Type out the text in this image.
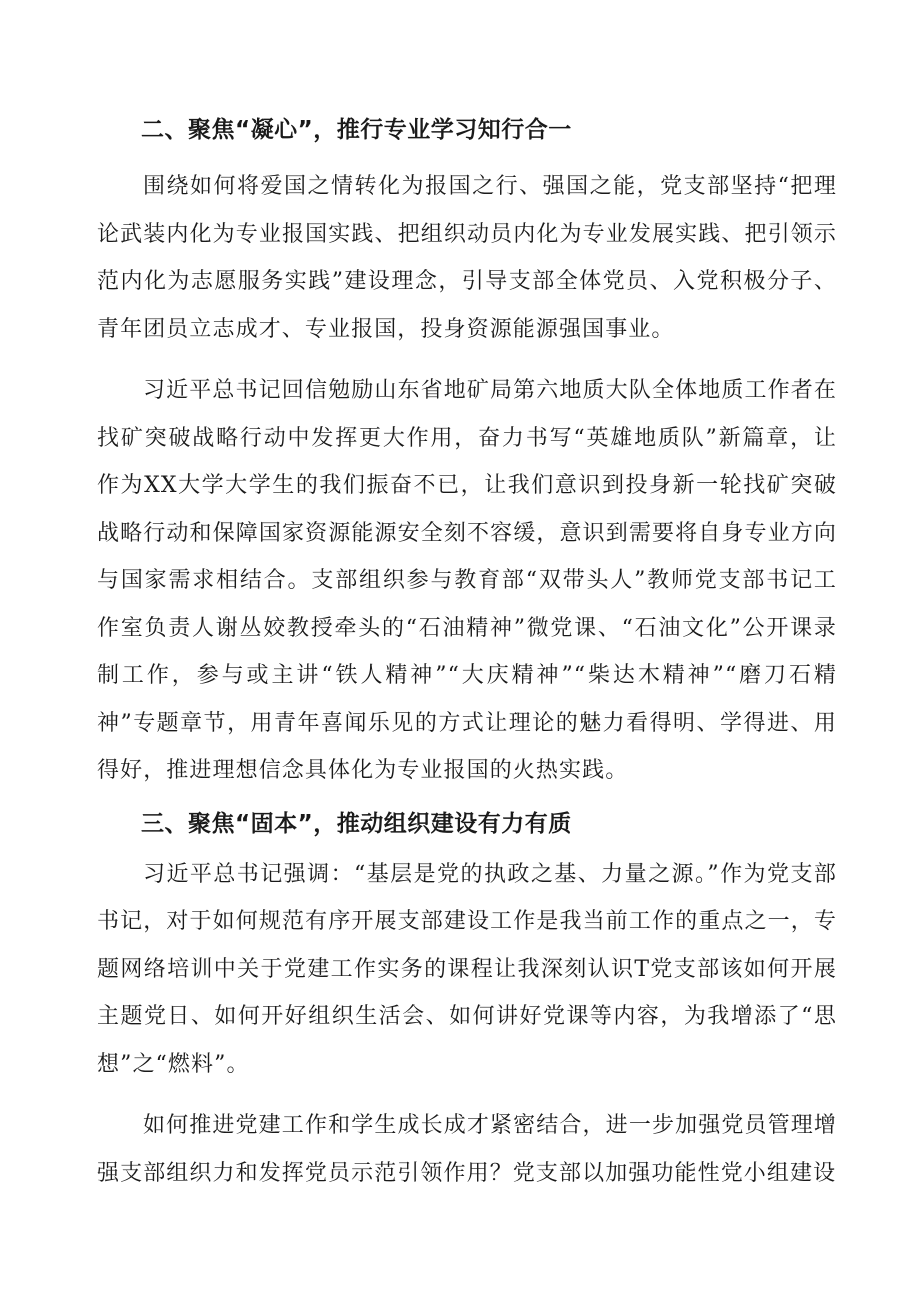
二、聚焦“凝心”，推行专业学习知行合一

围绕如何将爱国之情转化为报国之行、强国之能，党支部坚持“把理论武装内化为专业报国实践、把组织动员内化为专业发展实践、把引领示范内化为志愿服务实践”建设理念，引导支部全体党员、入党积极分子、青年团员立志成才、专业报国，投身资源能源强国事业。

习近平总书记回信勉励山东省地矿局第六地质大队全体地质工作者在找矿突破战略行动中发挥更大作用，奋力书写“英雄地质队”新篇章，让作为XX大学大学生的我们振奋不已，让我们意识到投身新一轮找矿突破战略行动和保障国家资源能源安全刻不容缓，意识到需要将自身专业方向与国家需求相结合。支部组织参与教育部“双带头人”教师党支部书记工作室负责人谢丛姣教授牵头的“石油精神”微党课、“石油文化”公开课录制工作，参与或主讲“铁人精神”“大庆精神”“柴达木精神”“磨刀石精神”专题章节，用青年喜闻乐见的方式让理论的魅力看得明、学得进、用得好，推进理想信念具体化为专业报国的火热实践。

三、聚焦“固本”，推动组织建设有力有质

习近平总书记强调：“基层是党的执政之基、力量之源。”作为党支部书记，对于如何规范有序开展支部建设工作是我当前工作的重点之一，专题网络培训中关于党建工作实务的课程让我深刻认识T党支部该如何开展主题党日、如何开好组织生活会、如何讲好党课等内容，为我增添了“思想”之“燃料”。

如何推进党建工作和学生成长成才紧密结合，进一步加强党员管理增强支部组织力和发挥党员示范引领作用？党支部以加强功能性党小组建设
